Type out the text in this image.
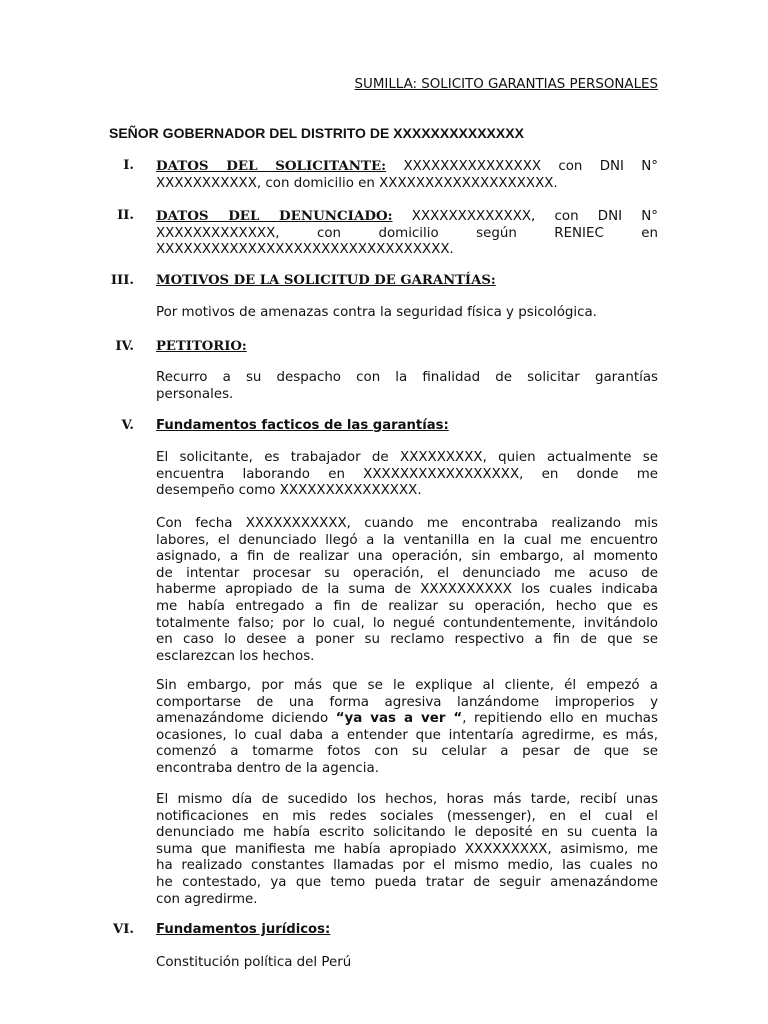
SUMILLA: SOLICITO GARANTIAS PERSONALES
SEÑOR GOBERNADOR DEL DISTRITO DE XXXXXXXXXXXXXX
I. DATOS DEL SOLICITANTE: XXXXXXXXXXXXXXX con DNI N°
XXXXXXXXXXX, con domicilio en XXXXXXXXXXXXXXXXXXX.
II. DATOS DEL DENUNCIADO: XXXXXXXXXXXXX, con DNI N°
XXXXXXXXXXXXX, con domicilio según RENIEC en
XXXXXXXXXXXXXXXXXXXXXXXXXXXXXXXX.
III. MOTIVOS DE LA SOLICITUD DE GARANTÍAS:
Por motivos de amenazas contra la seguridad física y psicológica.
IV. PETITORIO:
Recurro a su despacho con la finalidad de solicitar garantías
personales.
V. Fundamentos facticos de las garantías:
El solicitante, es trabajador de XXXXXXXXX, quien actualmente se
encuentra laborando en XXXXXXXXXXXXXXXXX, en donde me
desempeño como XXXXXXXXXXXXXXX.
Con fecha XXXXXXXXXXX, cuando me encontraba realizando mis
labores, el denunciado llegó a la ventanilla en la cual me encuentro
asignado, a fin de realizar una operación, sin embargo, al momento
de intentar procesar su operación, el denunciado me acuso de
haberme apropiado de la suma de XXXXXXXXXX los cuales indicaba
me había entregado a fin de realizar su operación, hecho que es
totalmente falso; por lo cual, lo negué contundentemente, invitándolo
en caso lo desee a poner su reclamo respectivo a fin de que se
esclarezcan los hechos.
Sin embargo, por más que se le explique al cliente, él empezó a
comportarse de una forma agresiva lanzándome improperios y
amenazándome diciendo “ya vas a ver “, repitiendo ello en muchas
ocasiones, lo cual daba a entender que intentaría agredirme, es más,
comenzó a tomarme fotos con su celular a pesar de que se
encontraba dentro de la agencia.
El mismo día de sucedido los hechos, horas más tarde, recibí unas
notificaciones en mis redes sociales (messenger), en el cual el
denunciado me había escrito solicitando le deposité en su cuenta la
suma que manifiesta me había apropiado XXXXXXXXX, asimismo, me
ha realizado constantes llamadas por el mismo medio, las cuales no
he contestado, ya que temo pueda tratar de seguir amenazándome
con agredirme.
VI. Fundamentos jurídicos:
Constitución política del Perú
